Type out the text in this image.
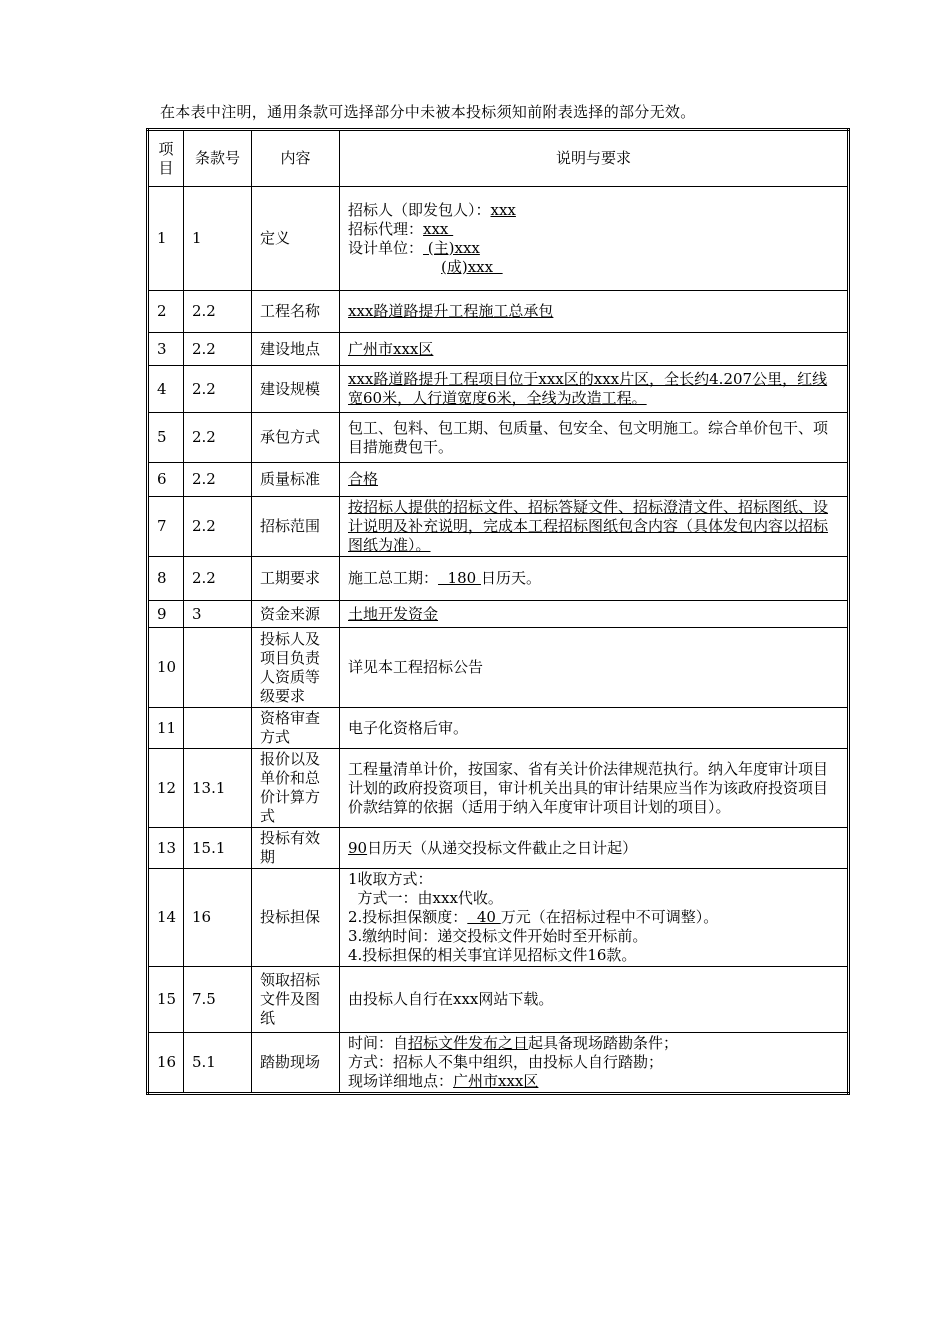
在本表中注明，通用条款可选择部分中未被本投标须知前附表选择的部分无效。
项目	条款号	内容	说明与要求
1	1	定义	招标人（即发包人）：xxx
招标代理：xxx
设计单位： (主)xxx
(成)xxx

2	2.2	工程名称	xxx路道路提升工程施工总承包

3	2.2	建设地点	广州市xxx区

4	2.2	建设规模	xxx路道路提升工程项目位于xxx区的xxx片区，全长约4.207公里，红线宽60米，人行道宽度6米，全线为改造工程。

5	2.2	承包方式	包工、包料、包工期、包质量、包安全、包文明施工。综合单价包干、项目措施费包干。

6	2.2	质量标准	合格

7	2.2	招标范围	按招标人提供的招标文件、招标答疑文件、招标澄清文件、招标图纸、设计说明及补充说明，完成本工程招标图纸包含内容（具体发包内容以招标图纸为准）。

8	2.2	工期要求	施工总工期：  180 日历天。

9	3	资金来源	土地开发资金

10		投标人及项目负责人资质等级要求	详见本工程招标公告

11		资格审查方式	电子化资格后审。

12	13.1	报价以及单价和总价计算方式	工程量清单计价，按国家、省有关计价法律规范执行。纳入年度审计项目计划的政府投资项目，审计机关出具的审计结果应当作为该政府投资项目价款结算的依据（适用于纳入年度审计项目计划的项目）。

13	15.1	投标有效期	90日历天（从递交投标文件截止之日计起）

14	16	投标担保	1收取方式：
方式一：由xxx代收。
2.投标担保额度：  40 万元（在招标过程中不可调整）。
3.缴纳时间：递交投标文件开始时至开标前。
4.投标担保的相关事宜详见招标文件16款。

15	7.5	领取招标文件及图纸	由投标人自行在xxx网站下载。

16	5.1	踏勘现场	时间：自招标文件发布之日起具备现场踏勘条件；
方式：招标人不集中组织，由投标人自行踏勘；
现场详细地点：广州市xxx区
